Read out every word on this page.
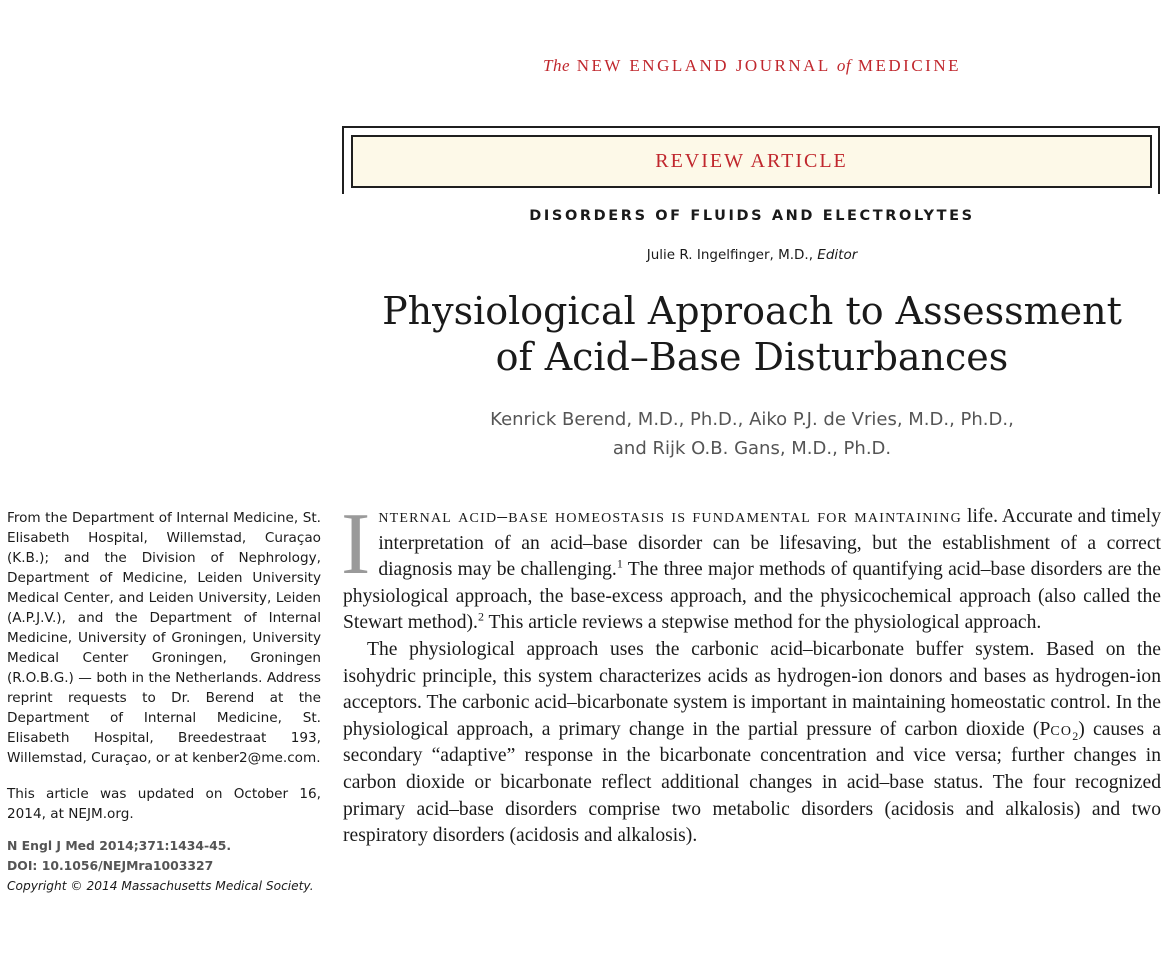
The NEW ENGLAND JOURNAL of MEDICINE
REVIEW ARTICLE
DISORDERS OF FLUIDS AND ELECTROLYTES
Julie R. Ingelfinger, M.D., Editor
Physiological Approach to Assessment
of Acid–Base Disturbances
Kenrick Berend, M.D., Ph.D., Aiko P.J. de Vries, M.D., Ph.D.,
and Rijk O.B. Gans, M.D., Ph.D.

From the Department of Internal Medicine, St. Elisabeth Hospital, Willemstad, Curaçao (K.B.); and the Division of Nephrology, Department of Medicine, Leiden University Medical Center, and Leiden University, Leiden (A.P.J.V.), and the Department of Internal Medicine, University of Groningen, University Medical Center Groningen, Groningen (R.O.B.G.) — both in the Netherlands. Address reprint requests to Dr. Berend at the Department of Internal Medicine, St. Elisabeth Hospital, Breedestraat 193, Willemstad, Curaçao, or at kenber2@me.com.

This article was updated on October 16, 2014, at NEJM.org.

N Engl J Med 2014;371:1434-45.
DOI: 10.1056/NEJMra1003327

Copyright © 2014 Massachusetts Medical Society.

Internal acid–base homeostasis is fundamental for maintaining life. Accurate and timely interpretation of an acid–base disorder can be lifesaving, but the establishment of a correct diagnosis may be challenging.$^1$ The three major methods of quantifying acid–base disorders are the physiological approach, the base-excess approach, and the physicochemical approach (also called the Stewart method).$^2$ This article reviews a stepwise method for the physiological approach.

The physiological approach uses the carbonic acid–bicarbonate buffer system. Based on the isohydric principle, this system characterizes acids as hydrogen-ion donors and bases as hydrogen-ion acceptors. The carbonic acid–bicarbonate system is important in maintaining homeostatic control. In the physiological approach, a primary change in the partial pressure of carbon dioxide (Pco$_2$) causes a secondary “adaptive” response in the bicarbonate concentration and vice versa; further changes in carbon dioxide or bicarbonate reflect additional changes in acid–base status. The four recognized primary acid–base disorders comprise two metabolic disorders (acidosis and alkalosis) and two respiratory disorders (acidosis and alkalosis).
